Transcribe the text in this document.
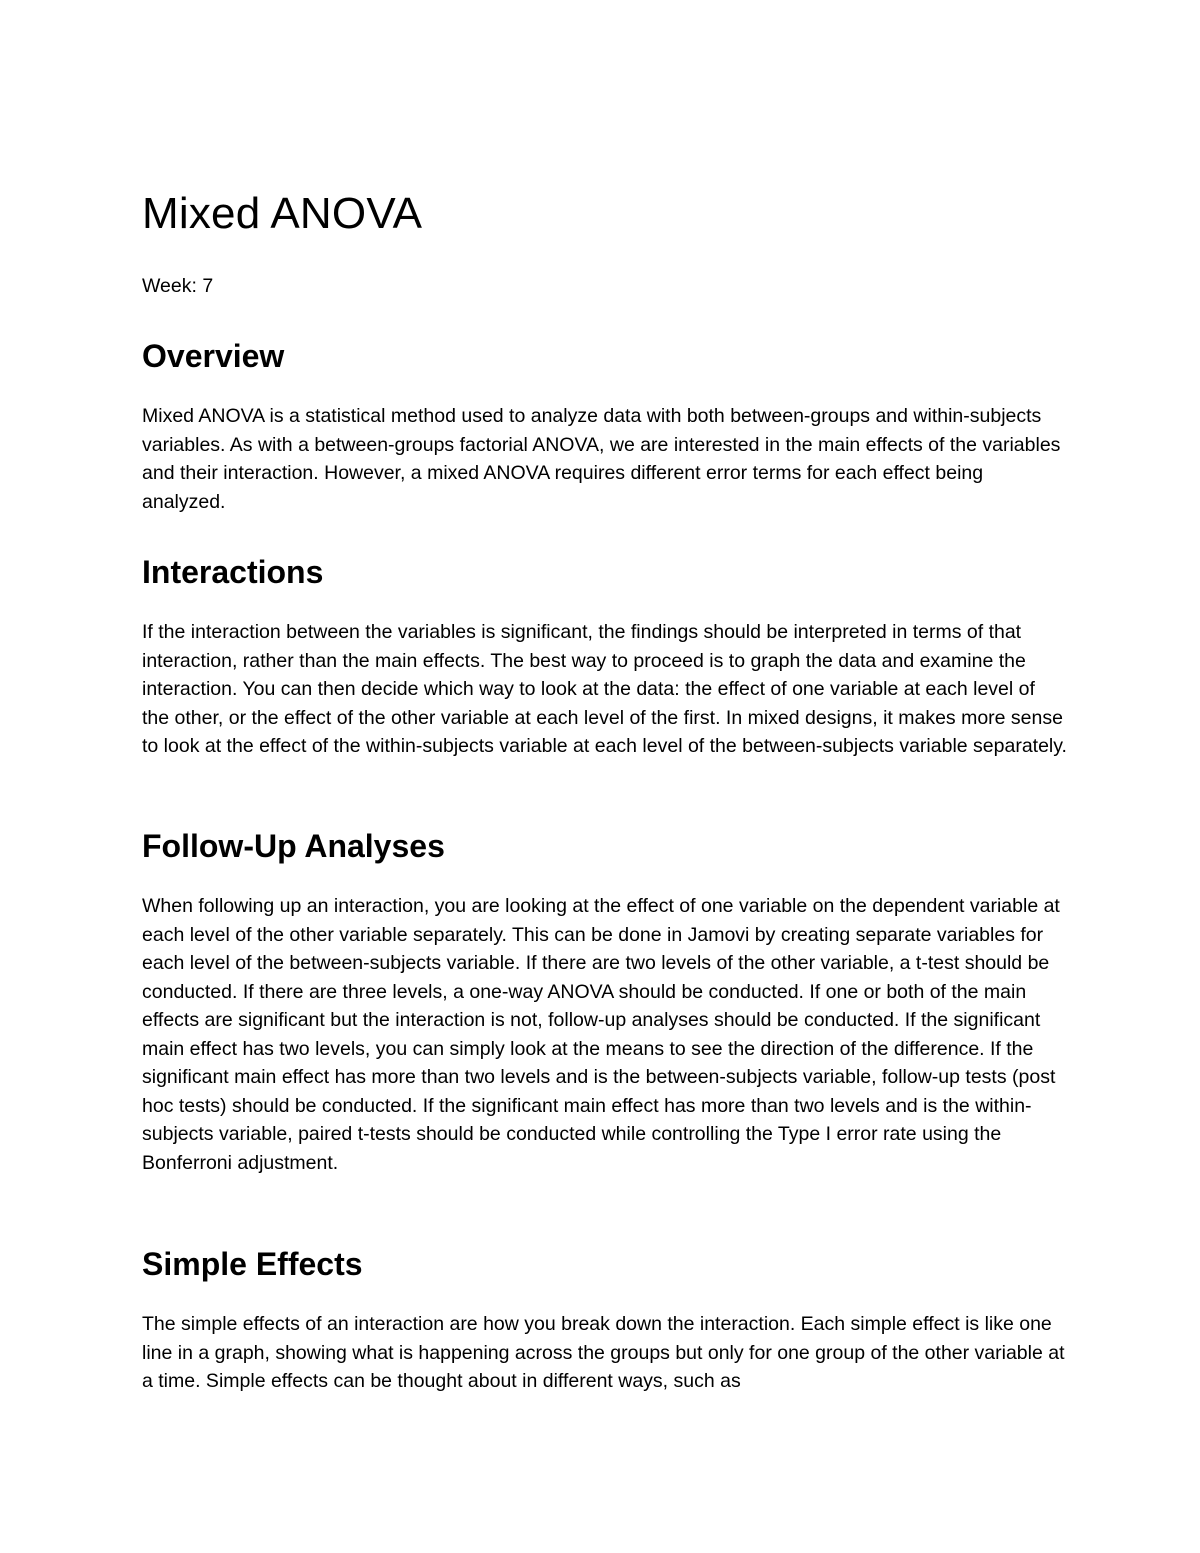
Mixed ANOVA

Week: 7

Overview

Mixed ANOVA is a statistical method used to analyze data with both between-groups and within-subjects variables. As with a between-groups factorial ANOVA, we are interested in the main effects of the variables and their interaction. However, a mixed ANOVA requires different error terms for each effect being analyzed.

Interactions

If the interaction between the variables is significant, the findings should be interpreted in terms of that interaction, rather than the main effects. The best way to proceed is to graph the data and examine the interaction. You can then decide which way to look at the data: the effect of one variable at each level of the other, or the effect of the other variable at each level of the first. In mixed designs, it makes more sense to look at the effect of the within-subjects variable at each level of the between-subjects variable separately.

Follow-Up Analyses

When following up an interaction, you are looking at the effect of one variable on the dependent variable at each level of the other variable separately. This can be done in Jamovi by creating separate variables for each level of the between-subjects variable. If there are two levels of the other variable, a t-test should be conducted. If there are three levels, a one-way ANOVA should be conducted. If one or both of the main effects are significant but the interaction is not, follow-up analyses should be conducted. If the significant main effect has two levels, you can simply look at the means to see the direction of the difference. If the significant main effect has more than two levels and is the between-subjects variable, follow-up tests (post hoc tests) should be conducted. If the significant main effect has more than two levels and is the within-subjects variable, paired t-tests should be conducted while controlling the Type I error rate using the Bonferroni adjustment.

Simple Effects

The simple effects of an interaction are how you break down the interaction. Each simple effect is like one line in a graph, showing what is happening across the groups but only for one group of the other variable at a time. Simple effects can be thought about in different ways, such as
